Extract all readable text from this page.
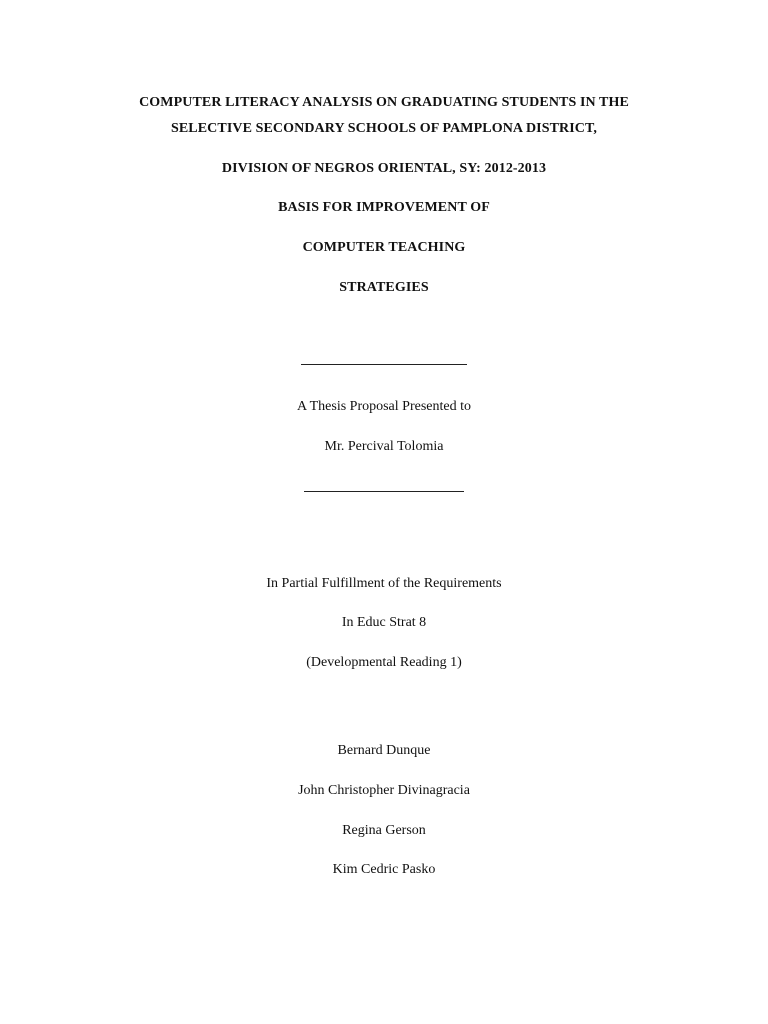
COMPUTER LITERACY ANALYSIS ON GRADUATING STUDENTS IN THE
SELECTIVE SECONDARY SCHOOLS OF PAMPLONA DISTRICT,
DIVISION OF NEGROS ORIENTAL, SY: 2012-2013
BASIS FOR IMPROVEMENT OF
COMPUTER TEACHING
STRATEGIES
A Thesis Proposal Presented to
Mr. Percival Tolomia
In Partial Fulfillment of the Requirements
In Educ Strat 8
(Developmental Reading 1)
Bernard Dunque
John Christopher Divinagracia
Regina Gerson
Kim Cedric Pasko
